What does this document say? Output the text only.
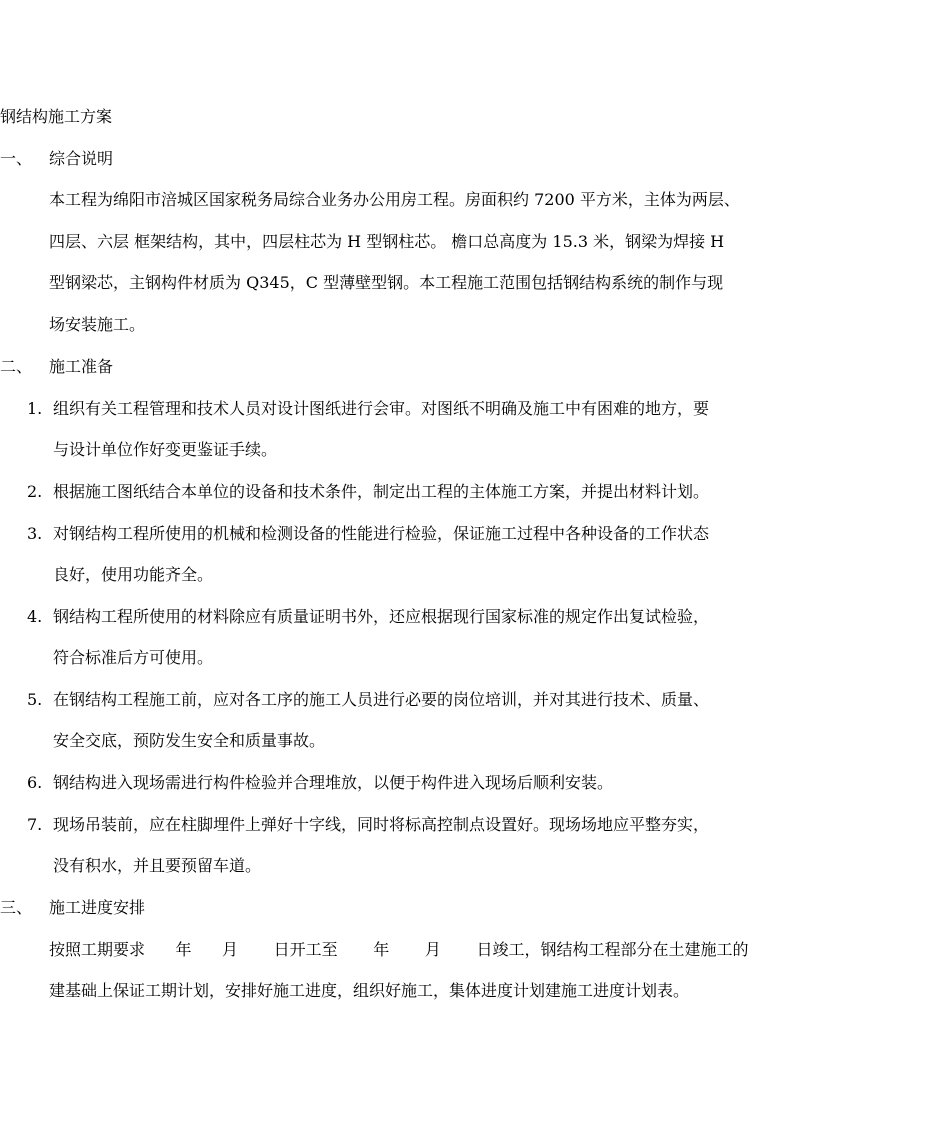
钢结构施工方案
一、 综合说明
本工程为绵阳市涪城区国家税务局综合业务办公用房工程。房面积约 7200 平方米，主体为两层、
四层、六层 框架结构，其中，四层柱芯为 H 型钢柱芯。 檐口总高度为 15.3 米，钢梁为焊接 H
型钢梁芯，主钢构件材质为 Q345，C 型薄壁型钢。本工程施工范围包括钢结构系统的制作与现
场安装施工。
二、 施工准备
1. 组织有关工程管理和技术人员对设计图纸进行会审。对图纸不明确及施工中有困难的地方，要
与设计单位作好变更鉴证手续。
2. 根据施工图纸结合本单位的设备和技术条件，制定出工程的主体施工方案，并提出材料计划。
3. 对钢结构工程所使用的机械和检测设备的性能进行检验，保证施工过程中各种设备的工作状态
良好，使用功能齐全。
4. 钢结构工程所使用的材料除应有质量证明书外，还应根据现行国家标准的规定作出复试检验，
符合标准后方可使用。
5. 在钢结构工程施工前，应对各工序的施工人员进行必要的岗位培训，并对其进行技术、质量、
安全交底，预防发生安全和质量事故。
6. 钢结构进入现场需进行构件检验并合理堆放，以便于构件进入现场后顺利安装。
7. 现场吊装前，应在柱脚埋件上弹好十字线，同时将标高控制点设置好。现场场地应平整夯实，
没有积水，并且要预留车道。
三、 施工进度安排
按照工期要求      年      月       日开工至       年       月       日竣工，钢结构工程部分在土建施工的
建基础上保证工期计划，安排好施工进度，组织好施工，集体进度计划建施工进度计划表。
